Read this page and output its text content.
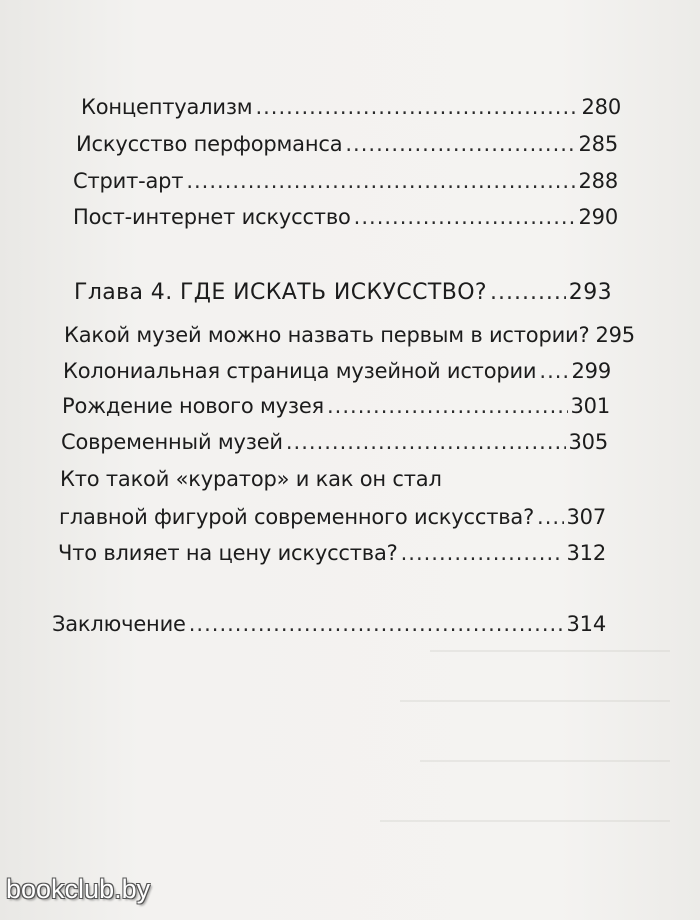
Концептуализм .....	280
Искусство перформанса .....	285
Стрит-арт .....	288
Пост-интернет искусство .....	290
Глава 4. ГДЕ ИСКАТЬ ИСКУССТВО? .....	293
Какой музей можно назвать первым в истории? 295
Колониальная страница музейной истории ..... 299
Рождение нового музея .....	301
Современный музей .....	305
Кто такой «куратор» и как он стал
главной фигурой современного искусства? ..... 307
Что влияет на цену искусства? .....	312
Заключение .....	314
bookclub.by
